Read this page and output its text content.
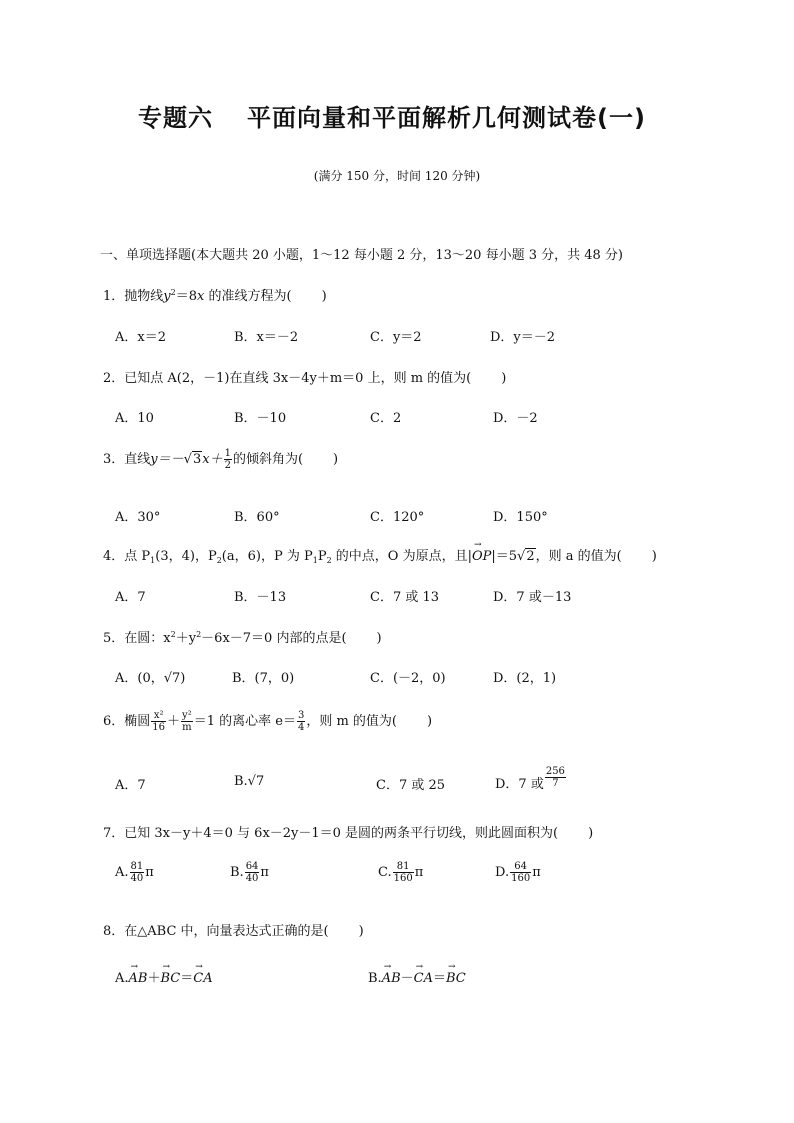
专题六 平面向量和平面解析几何测试卷(一)
(满分 150 分，时间 120 分钟)
一、单项选择题(本大题共 20 小题，1～12 每小题 2 分，13～20 每小题 3 分，共 48 分)
1．抛物线$y^2=8x$ 的准线方程为( )
A．x＝2	B．x＝－2	C．y＝2	D．y＝－2
2．已知点 A(2，－1)在直线 3x－4y＋m＝0 上，则 m 的值为( )
A．10	B．－10	C．2	D．－2
3．直线$y=-√3x+ \frac{1}{2}$ 的倾斜角为( )
A．30°	B．60°	C．120°	D．150°
4．点 $P_1(3$，4)，$P_2(a$，6)，P 为 $P_1P_2$ 的中点，O 为原点，且|→ OP|＝5√2，则 a 的值为( )
A．7	B．－13	C．7 或 13	D．7 或－13
5．在圆：$x^2+y^2-6x-7=0$ 内部的点是( )
A．(0，√7)	B．(7，0)	C．(－2，0)	D．(2，1)
6．椭圆 $\frac{\text{x²}}{16} + \frac{\text{y²}}{m} =1$ 的离心率 $e= \frac{3}{4}$ ，则 m 的值为( )
A．7	B.√7	C．7 或 25	D．7 或 $\frac{256}{7}$
7．已知 3x－y＋4＝0 与 6x－2y－1＝0 是圆的两条平行切线，则此圆面积为( )
A. $\frac{81}{40}$ π	B. $\frac{64}{40}$ π	C. $\frac{81}{160}$ π	D. $\frac{64}{160}$ π
8．在△ABC 中，向量表达式正确的是( )
A.→ AB＋→ BC＝→ CA	B.→ AB－→ CA＝→ BC
